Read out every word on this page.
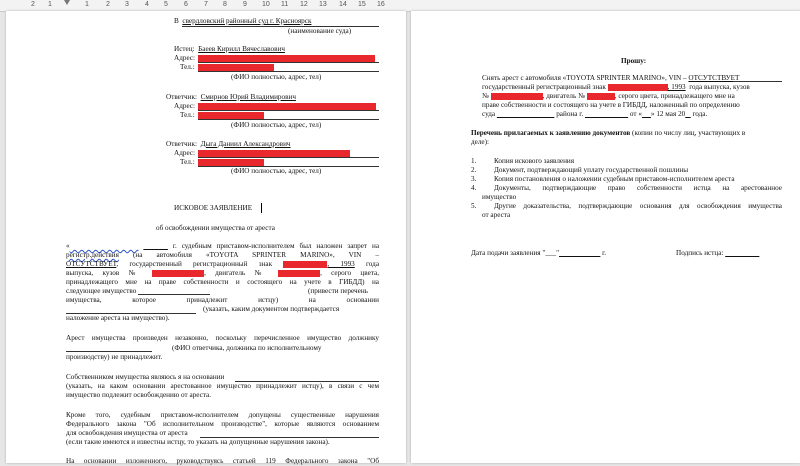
2 1	1 2 3 4 5 6 7 8 9 10 11 12 13 14 15 16
В свердловский районный суд г. Красноярск
(наименование суда)
Истец: Баеев Кирилл Вячеславович
Адрес:
Тел.:
(ФИО полностью, адрес, тел)
Ответчик: Смирнов Юрий Владимирович
Адрес:
Тел.:
(ФИО полностью, адрес, тел)
Ответчик: Дыга Даниил Александрович
Адрес:
Тел.:
(ФИО полностью, адрес, тел)
ИСКОВОЕ ЗАЯВЛЕНИЕ
об освобождении имущества от ареста
«	г. судебным приставом-исполнителем был наложен запрет на
регистр.действия (на автомобиля «TOYOTA SPRINTER MARINO», VIN –
ОТСУТСТВУЕТ, государственный регистрационный знак	, 1993 года
выпуска, кузов №	, двигатель №	, серого цвета,
принадлежащего мне на праве собственности и состоящего на учете в ГИБДД) на
следующее имущество	(привести перечень
имущества, которое принадлежит истцу) на основании
(указать, каким документом подтверждается
наложение ареста на имущество).
Арест имущества произведен незаконно, поскольку перечисленное имущество должнику
(ФИО ответчика, должника по исполнительному
производству) не принадлежит.
Собственником имущества являюсь я на основании
(указать, на каком основании арестованное имущество принадлежит истцу), в связи с чем
имущество подлежит освобождению от ареста.
Кроме того, судебным приставом-исполнителем допущены существенные нарушения
Федерального закона "Об исполнительном производстве", которые являются основанием
для освобождения имущества от ареста
(если такие имеются и известны истцу, то указать на допущенные нарушения закона).
На основании изложенного, руководствуясь статьей 119 Федерального закона "Об
Прошу:
Снять арест с автомобиля «TOYOTA SPRINTER MARINO», VIN – ОТСУТСТВУЕТ
государственный регистрационный знак	, 1993 года выпуска, кузов
№	, двигатель №	, серого цвета, принадлежащего мне на
праве собственности и состоящего на учете в ГИБДД, наложенный по определению
суда	района г.	от « » 12 мая 20 года.
Перечень прилагаемых к заявлению документов (копии по числу лиц, участвующих в
деле):
1. Копия искового заявления
2. Документ, подтверждающий уплату государственной пошлины
3. Копия постановления о наложении судебным приставом-исполнителем ареста
4. Документы, подтверждающие право собственности истца на арестованное
имущество
5. Другие доказательства, подтверждающие основания для освобождения имущества
от ареста
Дата подачи заявления "___"	г.	Подпись истца:
